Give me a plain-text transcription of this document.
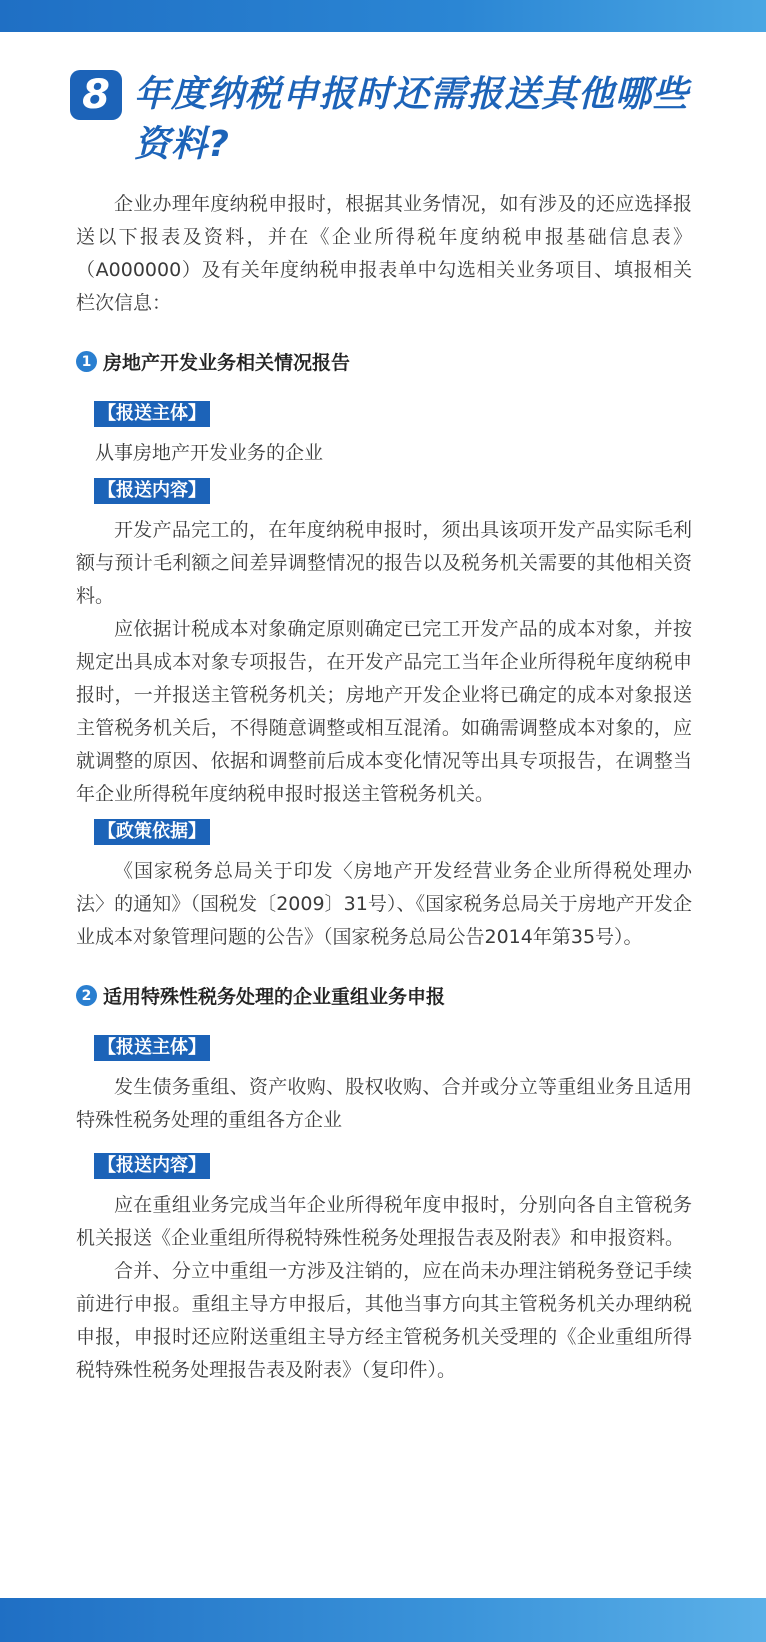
8 年度纳税申报时还需报送其他哪些资料?

企业办理年度纳税申报时，根据其业务情况，如有涉及的还应选择报送以下报表及资料，并在《企业所得税年度纳税申报基础信息表》（A000000）及有关年度纳税申报表单中勾选相关业务项目、填报相关栏次信息：

1 房地产开发业务相关情况报告
【报送主体】

从事房地产开发业务的企业

【报送内容】

开发产品完工的，在年度纳税申报时，须出具该项开发产品实际毛利额与预计毛利额之间差异调整情况的报告以及税务机关需要的其他相关资料。

应依据计税成本对象确定原则确定已完工开发产品的成本对象，并按规定出具成本对象专项报告，在开发产品完工当年企业所得税年度纳税申报时，一并报送主管税务机关；房地产开发企业将已确定的成本对象报送主管税务机关后，不得随意调整或相互混淆。如确需调整成本对象的，应就调整的原因、依据和调整前后成本变化情况等出具专项报告，在调整当年企业所得税年度纳税申报时报送主管税务机关。

【政策依据】

《国家税务总局关于印发〈房地产开发经营业务企业所得税处理办法〉的通知》（国税发〔2009〕31号）、《国家税务总局关于房地产开发企业成本对象管理问题的公告》（国家税务总局公告2014年第35号）。

2 适用特殊性税务处理的企业重组业务申报
【报送主体】

发生债务重组、资产收购、股权收购、合并或分立等重组业务且适用特殊性税务处理的重组各方企业

【报送内容】

应在重组业务完成当年企业所得税年度申报时，分别向各自主管税务机关报送《企业重组所得税特殊性税务处理报告表及附表》和申报资料。

合并、分立中重组一方涉及注销的，应在尚未办理注销税务登记手续前进行申报。重组主导方申报后，其他当事方向其主管税务机关办理纳税申报，申报时还应附送重组主导方经主管税务机关受理的《企业重组所得税特殊性税务处理报告表及附表》（复印件）。
